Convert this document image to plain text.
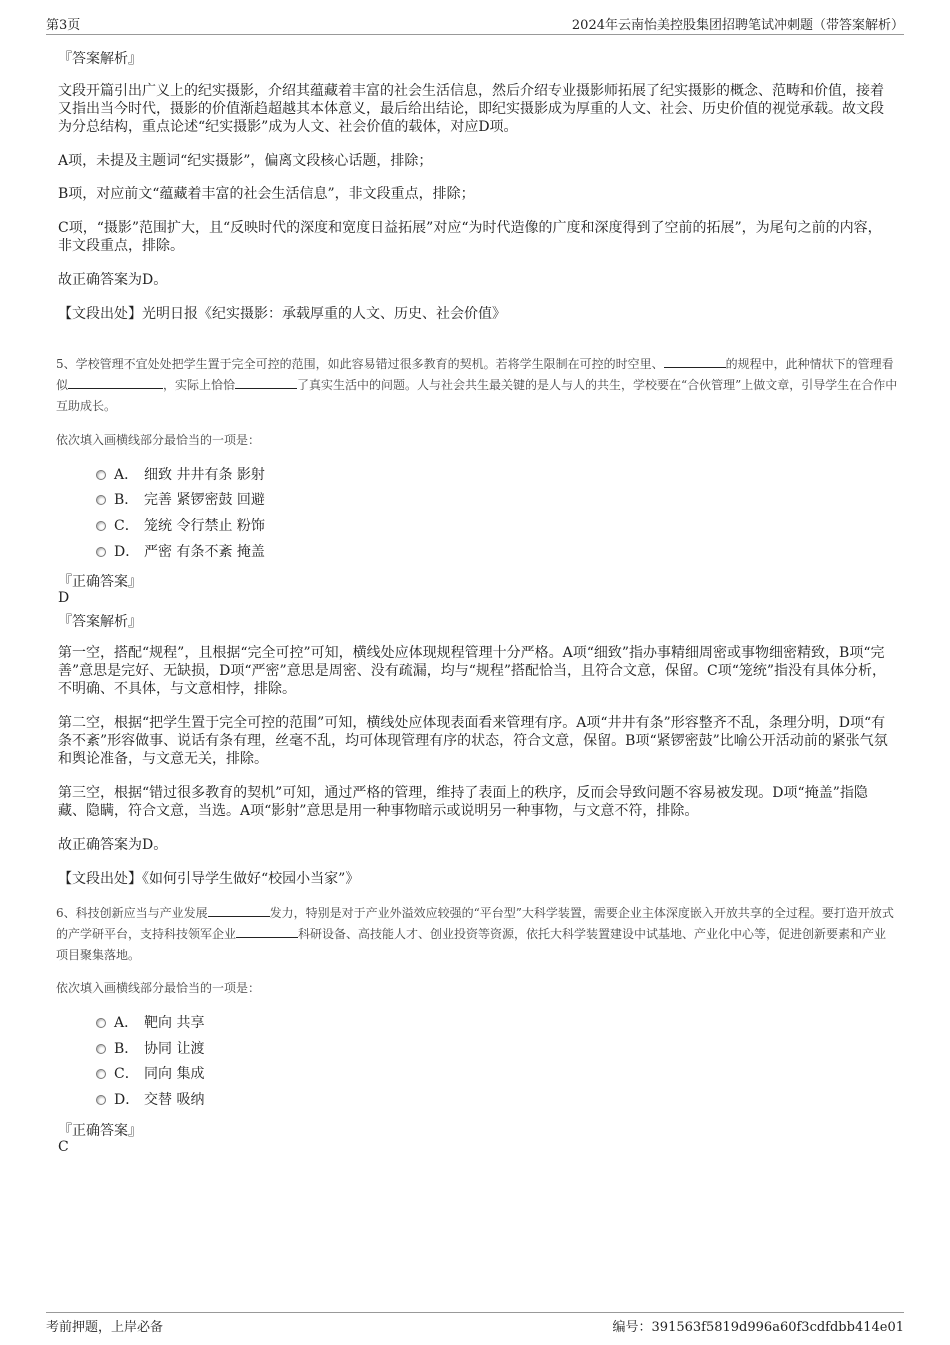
第3页	2024年云南怡美控股集团招聘笔试冲刺题（带答案解析）
『答案解析』

文段开篇引出广义上的纪实摄影，介绍其蕴藏着丰富的社会生活信息，然后介绍专业摄影师拓展了纪实摄影的概念、范畴和价值，接着又指出当今时代，摄影的价值渐趋超越其本体意义，最后给出结论，即纪实摄影成为厚重的人文、社会、历史价值的视觉承载。故文段为分总结构，重点论述“纪实摄影”成为人文、社会价值的载体，对应D项。

A项，未提及主题词“纪实摄影”，偏离文段核心话题，排除；

B项，对应前文“蕴藏着丰富的社会生活信息”，非文段重点，排除；

C项，“摄影”范围扩大，且“反映时代的深度和宽度日益拓展”对应“为时代造像的广度和深度得到了空前的拓展”，为尾句之前的内容，非文段重点，排除。

故正确答案为D。

【文段出处】光明日报《纪实摄影：承载厚重的人文、历史、社会价值》

5、学校管理不宜处处把学生置于完全可控的范围，如此容易错过很多教育的契机。若将学生限制在可控的时空里、	的规程中，此种情状下的管理看似	，实际上恰恰	了真实生活中的问题。人与社会共生最关键的是人与人的共生，学校要在“合伙管理”上做文章，引导学生在合作中互助成长。

依次填入画横线部分最恰当的一项是：
A． 细致 井井有条 影射
B． 完善 紧锣密鼓 回避
C． 笼统 令行禁止 粉饰
D． 严密 有条不紊 掩盖
『正确答案』
D
『答案解析』

第一空，搭配“规程”，且根据“完全可控”可知，横线处应体现规程管理十分严格。A项“细致”指办事精细周密或事物细密精致，B项“完善”意思是完好、无缺损，D项“严密”意思是周密、没有疏漏，均与“规程”搭配恰当，且符合文意，保留。C项“笼统”指没有具体分析，不明确、不具体，与文意相悖，排除。

第二空，根据“把学生置于完全可控的范围”可知，横线处应体现表面看来管理有序。A项“井井有条”形容整齐不乱，条理分明，D项“有条不紊”形容做事、说话有条有理，丝毫不乱，均可体现管理有序的状态，符合文意，保留。B项“紧锣密鼓”比喻公开活动前的紧张气氛和舆论准备，与文意无关，排除。

第三空，根据“错过很多教育的契机”可知，通过严格的管理，维持了表面上的秩序，反而会导致问题不容易被发现。D项“掩盖”指隐藏、隐瞒，符合文意，当选。A项“影射”意思是用一种事物暗示或说明另一种事物，与文意不符，排除。

故正确答案为D。

【文段出处】《如何引导学生做好“校园小当家”》

6、科技创新应当与产业发展	发力，特别是对于产业外溢效应较强的“平台型”大科学装置，需要企业主体深度嵌入开放共享的全过程。要打造开放式的产学研平台，支持科技领军企业	科研设备、高技能人才、创业投资等资源，依托大科学装置建设中试基地、产业化中心等，促进创新要素和产业项目聚集落地。

依次填入画横线部分最恰当的一项是：
A． 靶向 共享
B． 协同 让渡
C． 同向 集成
D． 交替 吸纳
『正确答案』
C
考前押题，上岸必备	编号：391563f5819d996a60f3cdfdbb414e01
